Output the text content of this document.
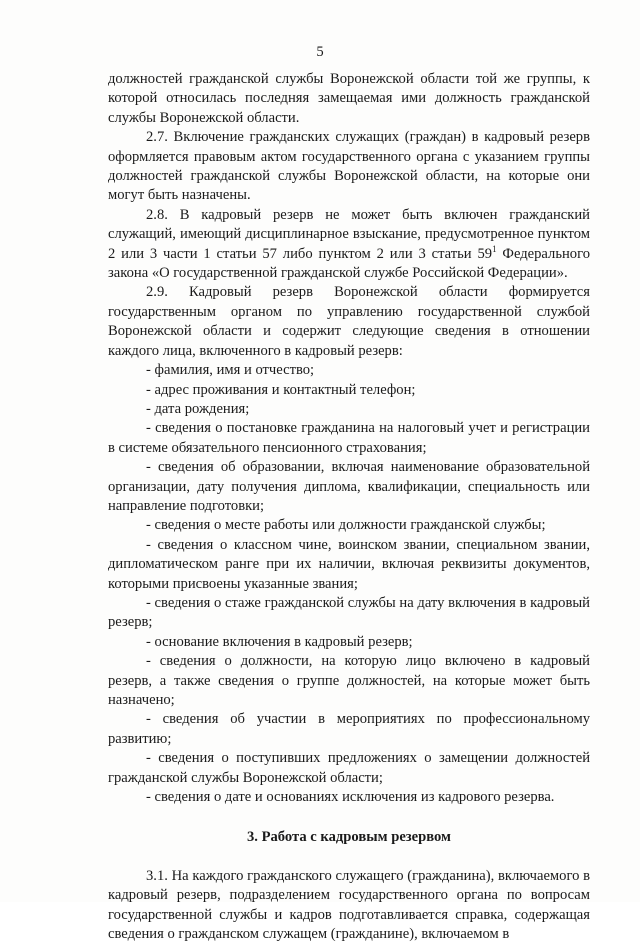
5

должностей гражданской службы Воронежской области той же группы, к которой относилась последняя замещаемая ими должность гражданской службы Воронежской области.

2.7. Включение гражданских служащих (граждан) в кадровый резерв оформляется правовым актом государственного органа с указанием группы должностей гражданской службы Воронежской области, на которые они могут быть назначены.

2.8. В кадровый резерв не может быть включен гражданский служащий, имеющий дисциплинарное взыскание, предусмотренное пунктом 2 или 3 части 1 статьи 57 либо пунктом 2 или 3 статьи $59^1$ Федерального закона «О государственной гражданской службе Российской Федерации».

2.9. Кадровый резерв Воронежской области формируется государственным органом по управлению государственной службой Воронежской области и содержит следующие сведения в отношении каждого лица, включенного в кадровый резерв:

- фамилия, имя и отчество;

- адрес проживания и контактный телефон;

- дата рождения;

- сведения о постановке гражданина на налоговый учет и регистрации в системе обязательного пенсионного страхования;

- сведения об образовании, включая наименование образовательной организации, дату получения диплома, квалификации, специальность или направление подготовки;

- сведения о месте работы или должности гражданской службы;

- сведения о классном чине, воинском звании, специальном звании, дипломатическом ранге при их наличии, включая реквизиты документов, которыми присвоены указанные звания;

- сведения о стаже гражданской службы на дату включения в кадровый резерв;

- основание включения в кадровый резерв;

- сведения о должности, на которую лицо включено в кадровый резерв, а также сведения о группе должностей, на которые может быть назначено;

- сведения об участии в мероприятиях по профессиональному развитию;

- сведения о поступивших предложениях о замещении должностей гражданской службы Воронежской области;

- сведения о дате и основаниях исключения из кадрового резерва.

3. Работа с кадровым резервом

3.1. На каждого гражданского служащего (гражданина), включаемого в кадровый резерв, подразделением государственного органа по вопросам государственной службы и кадров подготавливается справка, содержащая сведения о гражданском служащем (гражданине), включаемом в
